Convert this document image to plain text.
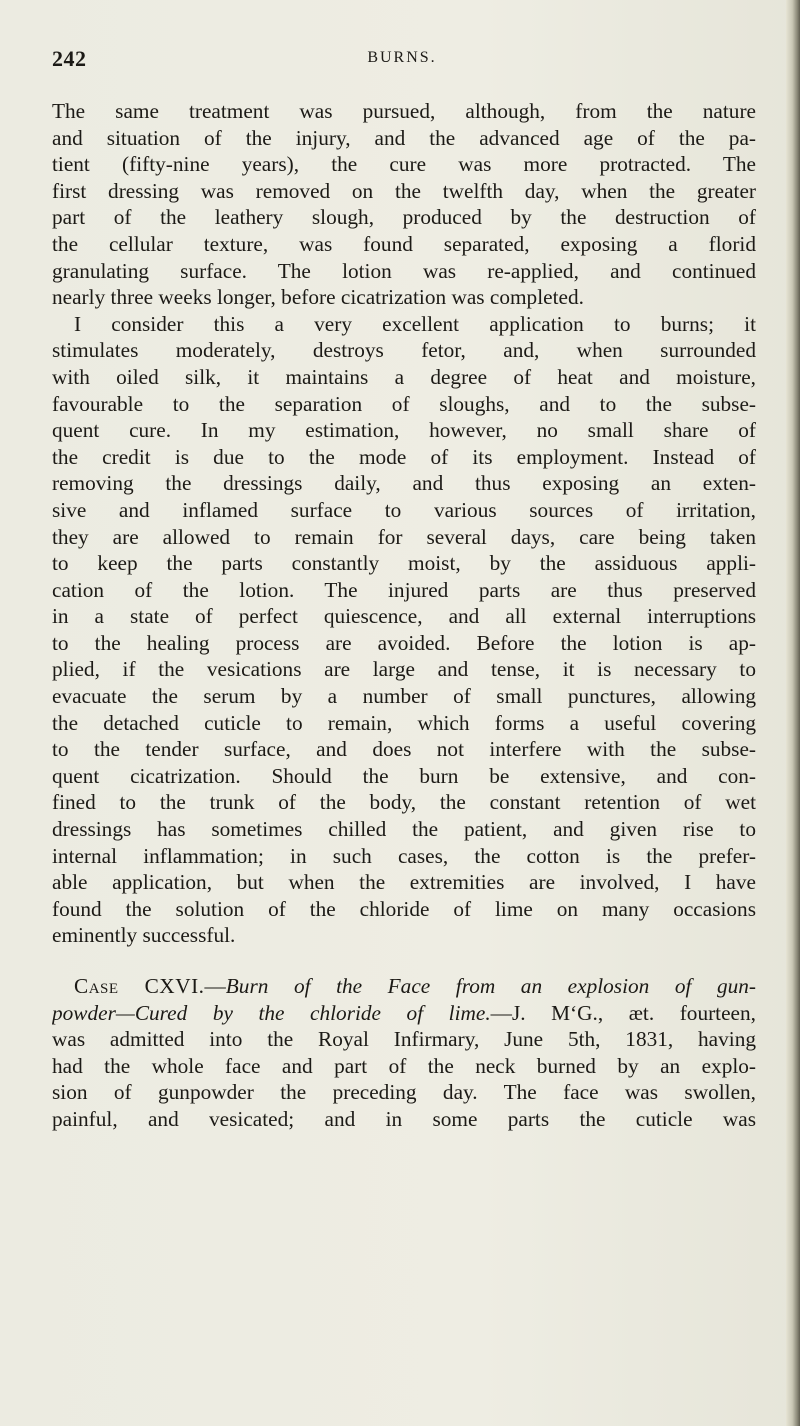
242	BURNS.
The same treatment was pursued, although, from the nature
and situation of the injury, and the advanced age of the pa-
tient (fifty-nine years), the cure was more protracted. The
first dressing was removed on the twelfth day, when the greater
part of the leathery slough, produced by the destruction of
the cellular texture, was found separated, exposing a florid
granulating surface. The lotion was re-applied, and continued
nearly three weeks longer, before cicatrization was completed.
I consider this a very excellent application to burns; it
stimulates moderately, destroys fetor, and, when surrounded
with oiled silk, it maintains a degree of heat and moisture,
favourable to the separation of sloughs, and to the subse-
quent cure. In my estimation, however, no small share of
the credit is due to the mode of its employment. Instead of
removing the dressings daily, and thus exposing an exten-
sive and inflamed surface to various sources of irritation,
they are allowed to remain for several days, care being taken
to keep the parts constantly moist, by the assiduous appli-
cation of the lotion. The injured parts are thus preserved
in a state of perfect quiescence, and all external interruptions
to the healing process are avoided. Before the lotion is ap-
plied, if the vesications are large and tense, it is necessary to
evacuate the serum by a number of small punctures, allowing
the detached cuticle to remain, which forms a useful covering
to the tender surface, and does not interfere with the subse-
quent cicatrization. Should the burn be extensive, and con-
fined to the trunk of the body, the constant retention of wet
dressings has sometimes chilled the patient, and given rise to
internal inflammation; in such cases, the cotton is the prefer-
able application, but when the extremities are involved, I have
found the solution of the chloride of lime on many occasions
eminently successful.
Case CXVI.—Burn of the Face from an explosion of gun-
powder—Cured by the chloride of lime.—J. M‘G., æt. fourteen,
was admitted into the Royal Infirmary, June 5th, 1831, having
had the whole face and part of the neck burned by an explo-
sion of gunpowder the preceding day. The face was swollen,
painful, and vesicated; and in some parts the cuticle was
